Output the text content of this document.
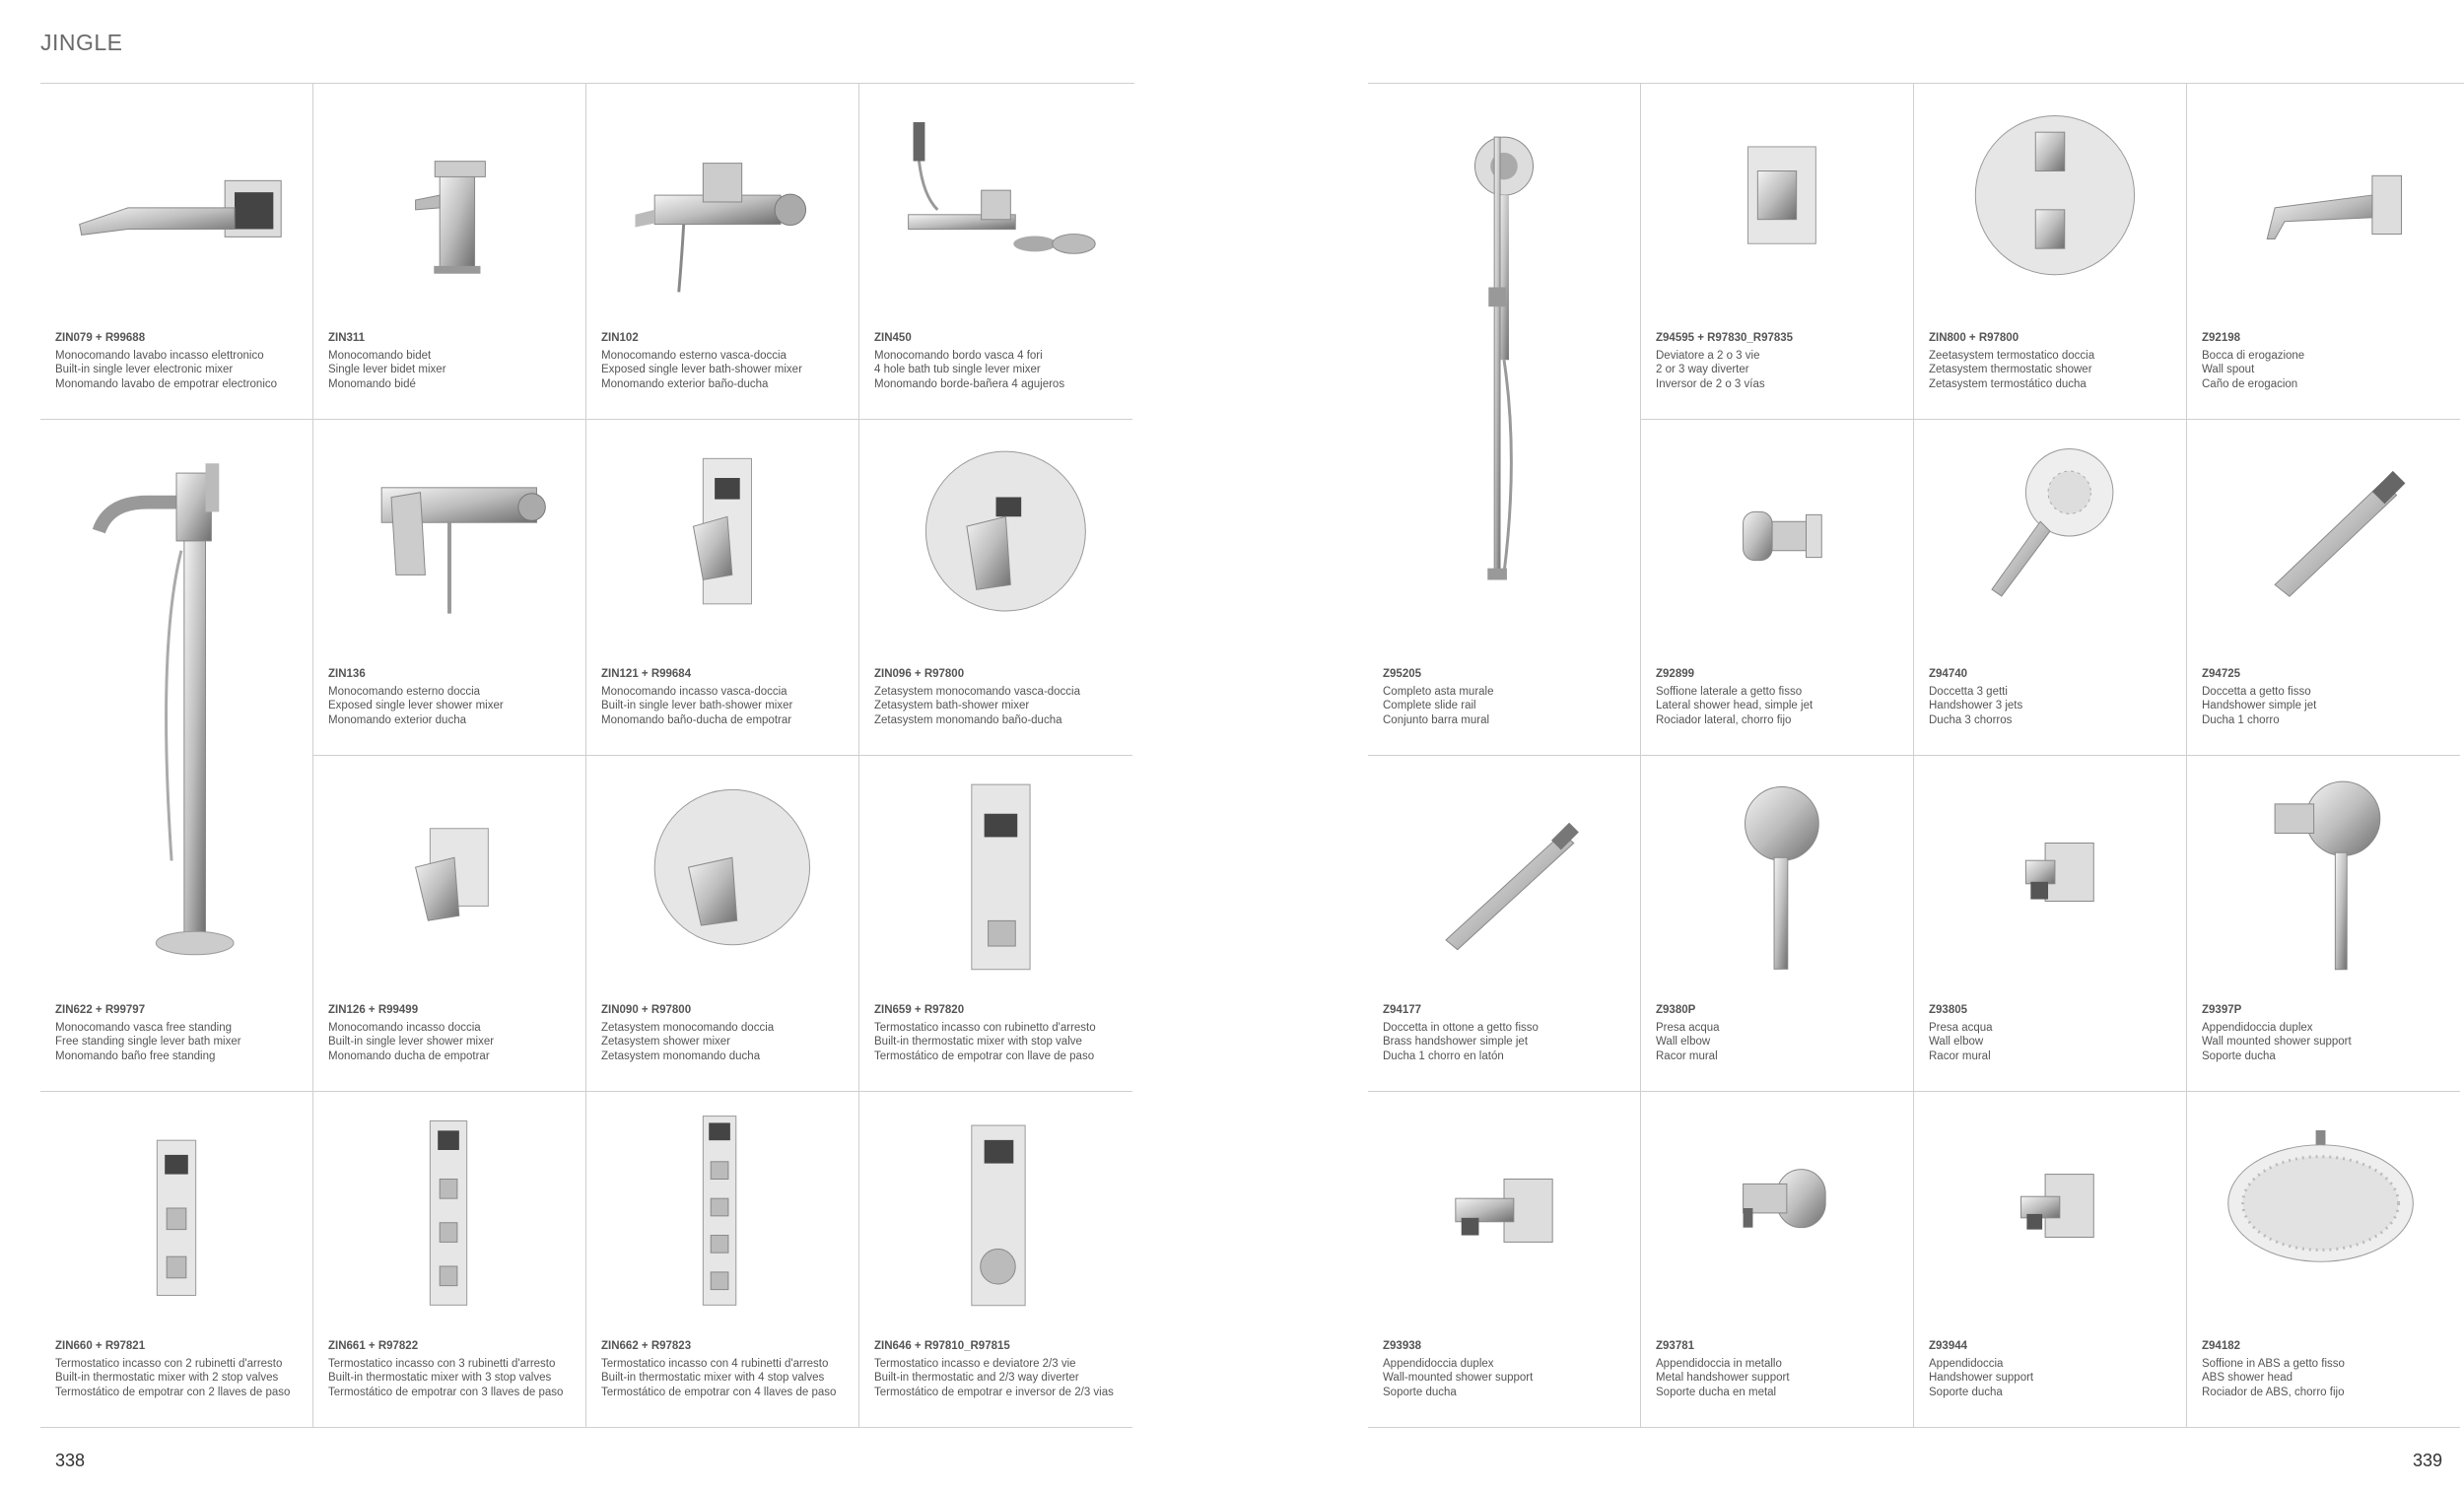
JINGLE
ZIN079 + R99688
Monocomando lavabo incasso elettronico
Built-in single lever electronic mixer
Monomando lavabo de empotrar electronico
ZIN311
Monocomando bidet
Single lever bidet mixer
Monomando bidé
ZIN102
Monocomando esterno vasca-doccia
Exposed single lever bath-shower mixer
Monomando exterior baño-ducha
ZIN450
Monocomando bordo vasca 4 fori
4 hole bath tub single lever mixer
Monomando borde-bañera 4 agujeros
ZIN622 + R99797
Monocomando vasca free standing
Free standing single lever bath mixer
Monomando baño free standing
ZIN136
Monocomando esterno doccia
Exposed single lever shower mixer
Monomando exterior ducha
ZIN121 + R99684
Monocomando incasso vasca-doccia
Built-in single lever bath-shower mixer
Monomando baño-ducha de empotrar
ZIN096 + R97800
Zetasystem monocomando vasca-doccia
Zetasystem bath-shower mixer
Zetasystem monomando baño-ducha
ZIN126 + R99499
Monocomando incasso doccia
Built-in single lever shower mixer
Monomando ducha de empotrar
ZIN090 + R97800
Zetasystem monocomando doccia
Zetasystem shower mixer
Zetasystem monomando ducha
ZIN659 + R97820
Termostatico incasso con rubinetto d'arresto
Built-in thermostatic mixer with stop valve
Termostático de empotrar con llave de paso
ZIN660 + R97821
Termostatico incasso con 2 rubinetti d'arresto
Built-in thermostatic mixer with 2 stop valves
Termostático de empotrar con 2 llaves de paso
ZIN661 + R97822
Termostatico incasso con 3 rubinetti d'arresto
Built-in thermostatic mixer with 3 stop valves
Termostático de empotrar con 3 llaves de paso
ZIN662 + R97823
Termostatico incasso con 4 rubinetti d'arresto
Built-in thermostatic mixer with 4 stop valves
Termostático de empotrar con 4 llaves de paso
ZIN646 + R97810_R97815
Termostatico incasso e deviatore 2/3 vie
Built-in thermostatic and 2/3 way diverter
Termostático de empotrar e inversor de 2/3 vias
Z95205
Completo asta murale
Complete slide rail
Conjunto barra mural
Z94595 + R97830_R97835
Deviatore a 2 o 3 vie
2 or 3 way diverter
Inversor de 2 o 3 vías
ZIN800 + R97800
Zeetasystem termostatico doccia
Zetasystem thermostatic shower
Zetasystem termostático ducha
Z92198
Bocca di erogazione
Wall spout
Caño de erogacion
Z92899
Soffione laterale a getto fisso
Lateral shower head, simple jet
Rociador lateral, chorro fijo
Z94740
Doccetta 3 getti
Handshower 3 jets
Ducha 3 chorros
Z94725
Doccetta a getto fisso
Handshower simple jet
Ducha 1 chorro
Z94177
Doccetta in ottone a getto fisso
Brass handshower simple jet
Ducha 1 chorro en latón
Z9380P
Presa acqua
Wall elbow
Racor mural
Z93805
Presa acqua
Wall elbow
Racor mural
Z9397P
Appendidoccia duplex
Wall mounted shower support
Soporte ducha
Z93938
Appendidoccia duplex
Wall-mounted shower support
Soporte ducha
Z93781
Appendidoccia in metallo
Metal handshower support
Soporte ducha en metal
Z93944
Appendidoccia
Handshower support
Soporte ducha
Z94182
Soffione in ABS a getto fisso
ABS shower head
Rociador de ABS, chorro fijo
338	339
